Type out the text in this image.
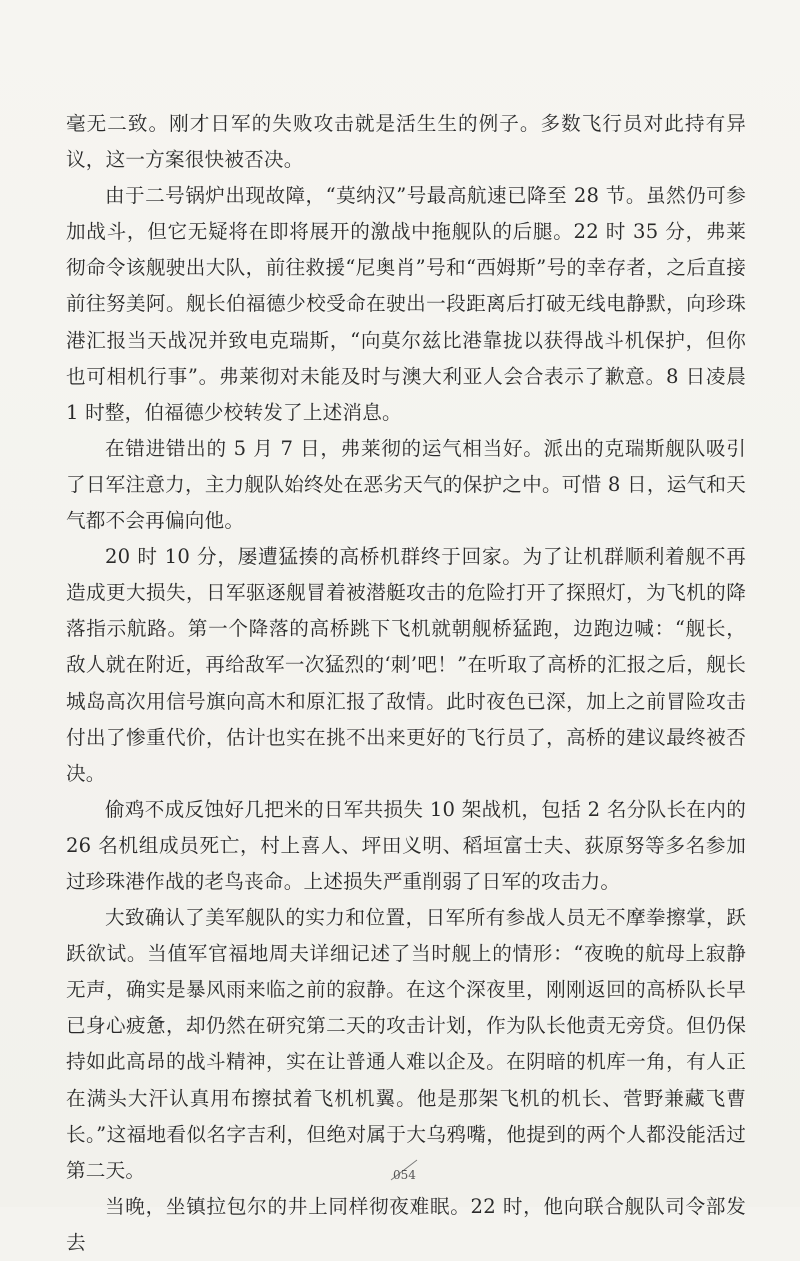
毫无二致。刚才日军的失败攻击就是活生生的例子。多数飞行员对此持有异议，这一方案很快被否决。

由于二号锅炉出现故障，“莫纳汉”号最高航速已降至 28 节。虽然仍可参加战斗，但它无疑将在即将展开的激战中拖舰队的后腿。22 时 35 分，弗莱彻命令该舰驶出大队，前往救援“尼奥肖”号和“西姆斯”号的幸存者，之后直接前往努美阿。舰长伯福德少校受命在驶出一段距离后打破无线电静默，向珍珠港汇报当天战况并致电克瑞斯，“向莫尔兹比港靠拢以获得战斗机保护，但你也可相机行事”。弗莱彻对未能及时与澳大利亚人会合表示了歉意。8 日凌晨 1 时整，伯福德少校转发了上述消息。

在错进错出的 5 月 7 日，弗莱彻的运气相当好。派出的克瑞斯舰队吸引了日军注意力，主力舰队始终处在恶劣天气的保护之中。可惜 8 日，运气和天气都不会再偏向他。

20 时 10 分，屡遭猛揍的高桥机群终于回家。为了让机群顺利着舰不再造成更大损失，日军驱逐舰冒着被潜艇攻击的危险打开了探照灯，为飞机的降落指示航路。第一个降落的高桥跳下飞机就朝舰桥猛跑，边跑边喊：“舰长，敌人就在附近，再给敌军一次猛烈的‘刺’吧！”在听取了高桥的汇报之后，舰长城岛高次用信号旗向高木和原汇报了敌情。此时夜色已深，加上之前冒险攻击付出了惨重代价，估计也实在挑不出来更好的飞行员了，高桥的建议最终被否决。

偷鸡不成反蚀好几把米的日军共损失 10 架战机，包括 2 名分队长在内的 26 名机组成员死亡，村上喜人、坪田义明、稻垣富士夫、荻原努等多名参加过珍珠港作战的老鸟丧命。上述损失严重削弱了日军的攻击力。

大致确认了美军舰队的实力和位置，日军所有参战人员无不摩拳擦掌，跃跃欲试。当值军官福地周夫详细记述了当时舰上的情形：“夜晚的航母上寂静无声，确实是暴风雨来临之前的寂静。在这个深夜里，刚刚返回的高桥队长早已身心疲惫，却仍然在研究第二天的攻击计划，作为队长他责无旁贷。但仍保持如此高昂的战斗精神，实在让普通人难以企及。在阴暗的机库一角，有人正在满头大汗认真用布擦拭着飞机机翼。他是那架飞机的机长、菅野兼藏飞曹长。”这福地看似名字吉利，但绝对属于大乌鸦嘴，他提到的两个人都没能活过第二天。

当晚，坐镇拉包尔的井上同样彻夜难眠。22 时，他向联合舰队司令部发去

054
